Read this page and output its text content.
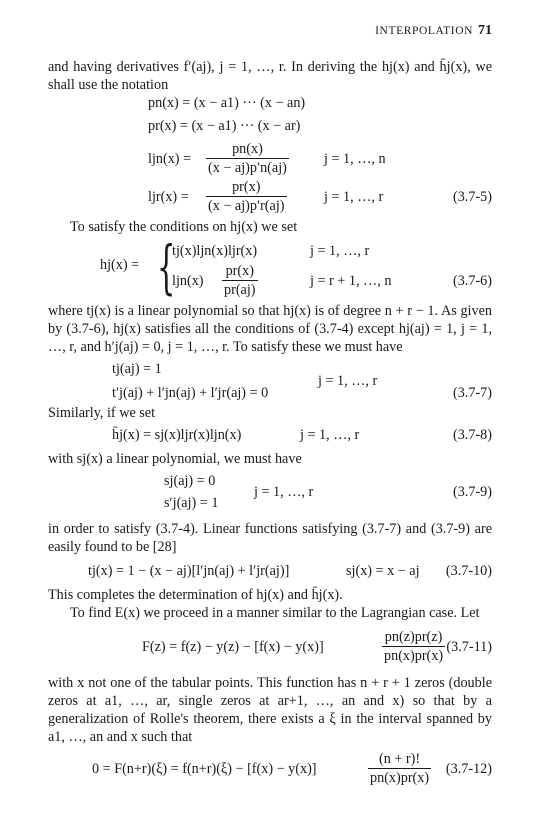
INTERPOLATION 71

and having derivatives f′(aj), j = 1, …, r. In deriving the hj(x) and h̄j(x), we shall use the notation

pn(x) = (x − a1) ··· (x − an)
pr(x) = (x − a1) ··· (x − ar)
$ljn(x) = \frac{pn(x)}{(x - aj)p'n(aj)}$ j = 1, …, n
$ljr(x) = \frac{pr(x)}{(x - aj)p'r(aj)}$	j = 1, …, r	(3.7-5)

To satisfy the conditions on hj(x) we set

hj(x) = {
tj(x)ljn(x)ljr(x)	j = 1, …, r
$ljn(x) \frac{pr(x)}{pr(aj)}$	j = r + 1, …, n	(3.7-6)

where tj(x) is a linear polynomial so that hj(x) is of degree n + r − 1. As given by (3.7-6), hj(x) satisfies all the conditions of (3.7-4) except hj(aj) = 1, j = 1, …, r, and h′j(aj) = 0, j = 1, …, r. To satisfy these we must have

tj(aj) = 1
t′j(aj) + l′jn(aj) + l′jr(aj) = 0
j = 1, …, r
(3.7-7)

Similarly, if we set

h̄j(x) = sj(x)ljr(x)ljn(x)	j = 1, …, r	(3.7-8)

with sj(x) a linear polynomial, we must have

sj(aj) = 0
s′j(aj) = 1
j = 1, …, r	(3.7-9)

in order to satisfy (3.7-4). Linear functions satisfying (3.7-7) and (3.7-9) are easily found to be [28]

tj(x) = 1 − (x − aj)[l′jn(aj) + l′jr(aj)]	sj(x) = x − aj (3.7-10)

This completes the determination of hj(x) and h̄j(x).

To find E(x) we proceed in a manner similar to the Lagrangian case. Let

F(z) = f(z) − y(z) − [f(x) − y(x)]	$\frac{pn(z)pr(z)}{pn(x)pr(x)} (3.7-11)$

with x not one of the tabular points. This function has n + r + 1 zeros (double zeros at a1, …, ar, single zeros at ar+1, …, an and x) so that by a generalization of Rolle's theorem, there exists a ξ in the interval spanned by a1, …, an and x such that

0 = F(n+r)(ξ) = f(n+r)(ξ) − [f(x) − y(x)]	$\frac{(n + r)!}{pn(x)pr(x)} (3.7-12)$
